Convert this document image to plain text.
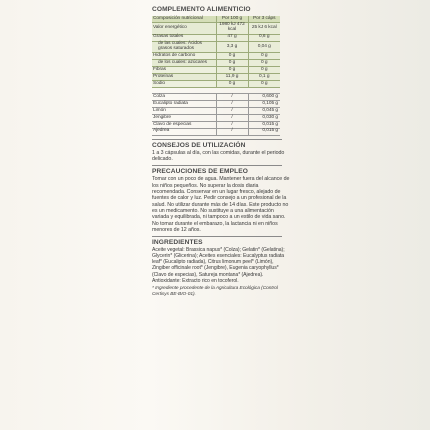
COMPLEMENTO ALIMENTICIO
Composición nutricional	Por 100 g	Por 3 cáps
Valor energético	1980 kJ 472 kcal	25 kJ 6 kcal
Grasas totales	47 g	0,6 g
de las cuales: Ácidos grasos saturados	3,3 g	0,04 g
Hidratos de carbono	0 g	0 g
de los cuales: azúcares	0 g	0 g
Fibras	0 g	0 g
Proteínas	11,9 g	0,1 g
Sodio	0 g	0 g
Colza	/	0,600 g
Eucalipto radiata	/	0,105 g
Limón	/	0,045 g
Jengibre	/	0,030 g
Clavo de especias	/	0,015 g
Ajedrea	/	0,015 g
CONSEJOS DE UTILIZACIÓN
1 a 3 cápsulas al día, con las comidas, durante el periodo delicado.
PRECAUCIONES DE EMPLEO
Tomar con un poco de agua. Mantener fuera del alcance de los niños pequeños. No superar la dosis diaria recomendada. Conservar en un lugar fresco, alejado de fuentes de calor y luz. Pedir consejo a un profesional de la salud. No utilizar durante más de 14 días. Este producto no es un medicamento. No sustituye a una alimentación variada y equilibrada, ni tampoco a un estilo de vida sano. No tomar durante el embarazo, la lactancia ni en niños menores de 12 años.
INGREDIENTES
Aceite vegetal: Brassica napus* (Colza); Gelatin* (Gelatina); Glycerin* (Glicerina); Aceites esenciales: Eucalyptus radiata leaf* (Eucalipto radiada), Citrus limonum peel* (Limón), Zingiber officinale root* (Jengibre), Eugenia caryophyllus* (Clavo de especias), Satureja montana* (Ajedrea). Antioxidante: Extracto rico en tocoferol.
* Ingrediente procedente de la Agricultura Ecológica (Control Certisys BE-BIO-01).
